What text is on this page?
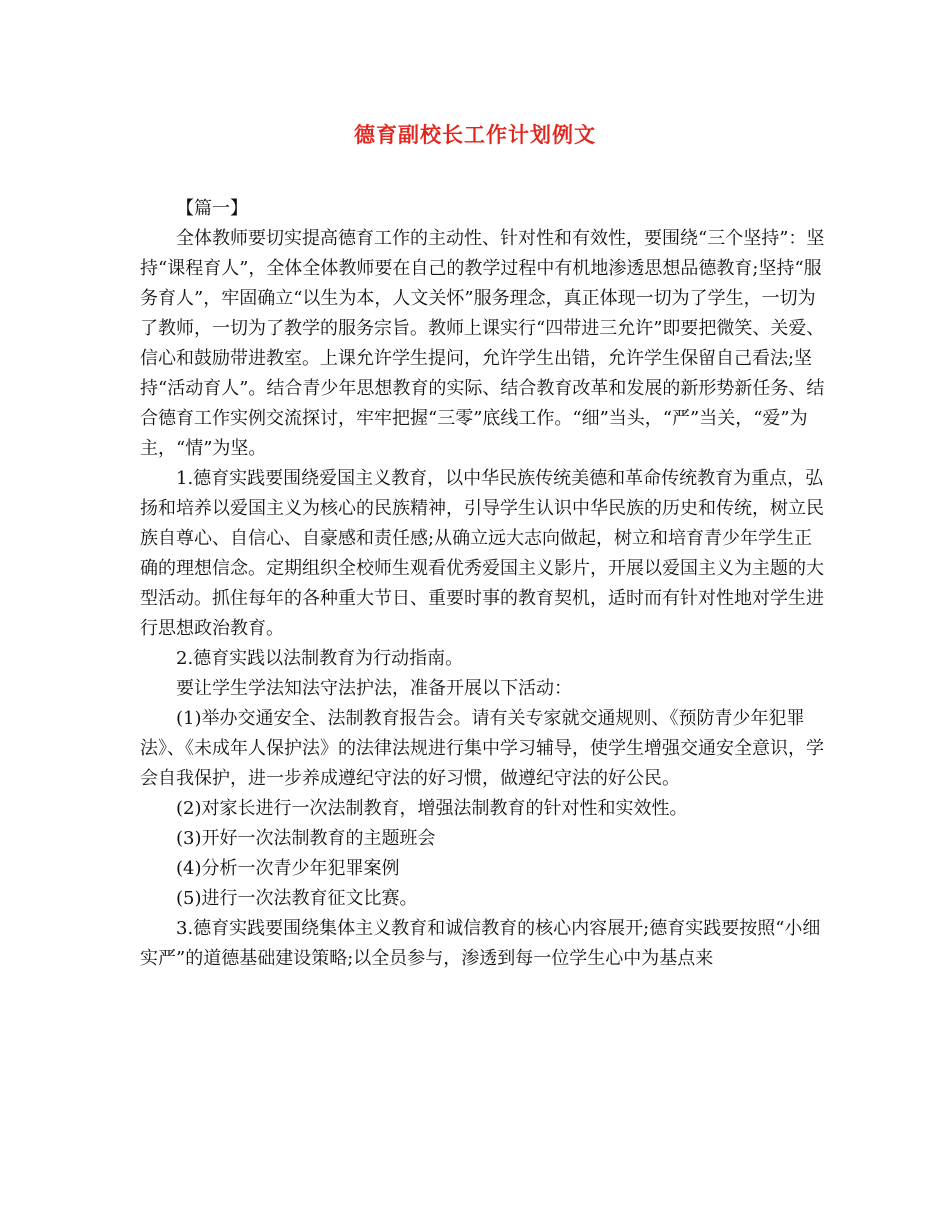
德育副校长工作计划例文

【篇一】

全体教师要切实提高德育工作的主动性、针对性和有效性，要围绕“三个坚持”：坚持“课程育人”，全体全体教师要在自己的教学过程中有机地渗透思想品德教育;坚持“服务育人”，牢固确立“以生为本，人文关怀”服务理念，真正体现一切为了学生，一切为了教师，一切为了教学的服务宗旨。教师上课实行“四带进三允许”即要把微笑、关爱、信心和鼓励带进教室。上课允许学生提问，允许学生出错，允许学生保留自己看法;坚持“活动育人”。结合青少年思想教育的实际、结合教育改革和发展的新形势新任务、结合德育工作实例交流探讨，牢牢把握“三零”底线工作。“细”当头，“严”当关，“爱”为主，“情”为坚。

1.德育实践要围绕爱国主义教育，以中华民族传统美德和革命传统教育为重点，弘扬和培养以爱国主义为核心的民族精神，引导学生认识中华民族的历史和传统，树立民族自尊心、自信心、自豪感和责任感;从确立远大志向做起，树立和培育青少年学生正确的理想信念。定期组织全校师生观看优秀爱国主义影片，开展以爱国主义为主题的大型活动。抓住每年的各种重大节日、重要时事的教育契机，适时而有针对性地对学生进行思想政治教育。

2.德育实践以法制教育为行动指南。

要让学生学法知法守法护法，准备开展以下活动：

(1)举办交通安全、法制教育报告会。请有关专家就交通规则、《预防青少年犯罪法》、《未成年人保护法》的法律法规进行集中学习辅导，使学生增强交通安全意识，学会自我保护，进一步养成遵纪守法的好习惯，做遵纪守法的好公民。

(2)对家长进行一次法制教育，增强法制教育的针对性和实效性。

(3)开好一次法制教育的主题班会

(4)分析一次青少年犯罪案例

(5)进行一次法教育征文比赛。

3.德育实践要围绕集体主义教育和诚信教育的核心内容展开;德育实践要按照“小细实严”的道德基础建设策略;以全员参与，渗透到每一位学生心中为基点来
